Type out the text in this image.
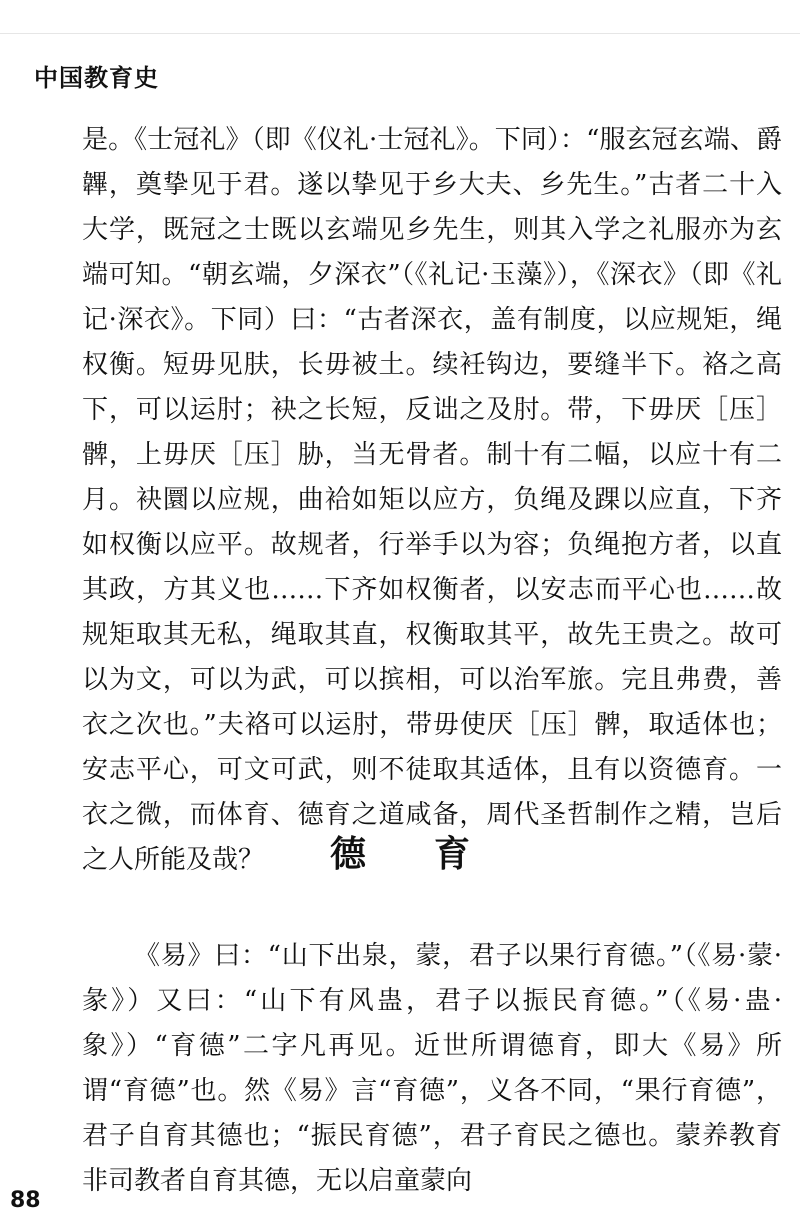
中国教育史

是。《士冠礼》（即《仪礼·士冠礼》。下同）：“服玄冠玄端、爵韠，奠挚见于君。遂以挚见于乡大夫、乡先生。”古者二十入大学，既冠之士既以玄端见乡先生，则其入学之礼服亦为玄端可知。“朝玄端，夕深衣”（《礼记·玉藻》），《深衣》（即《礼记·深衣》。下同）曰：“古者深衣，盖有制度，以应规矩，绳权衡。短毋见肤，长毋被土。续衽钩边，要缝半下。袼之高下，可以运肘；袂之长短，反诎之及肘。带，下毋厌［压］髀，上毋厌［压］胁，当无骨者。制十有二幅，以应十有二月。袂圜以应规，曲袷如矩以应方，负绳及踝以应直，下齐如权衡以应平。故规者，行举手以为容；负绳抱方者，以直其政，方其义也……下齐如权衡者，以安志而平心也……故规矩取其无私，绳取其直，权衡取其平，故先王贵之。故可以为文，可以为武，可以摈相，可以治军旅。完且弗费，善衣之次也。”夫袼可以运肘，带毋使厌［压］髀，取适体也；安志平心，可文可武，则不徒取其适体，且有以资德育。一衣之微，而体育、德育之道咸备，周代圣哲制作之精，岂后之人所能及哉？	德育

《易》曰：“山下出泉，蒙，君子以果行育德。”（《易·蒙·彖》）又曰：“山下有风蛊，君子以振民育德。”（《易·蛊·象》）“育德”二字凡再见。近世所谓德育，即大《易》所谓“育德”也。然《易》言“育德”，义各不同，“果行育德”，君子自育其德也；“振民育德”，君子育民之德也。蒙养教育非司教者自育其德，无以启童蒙向

88
